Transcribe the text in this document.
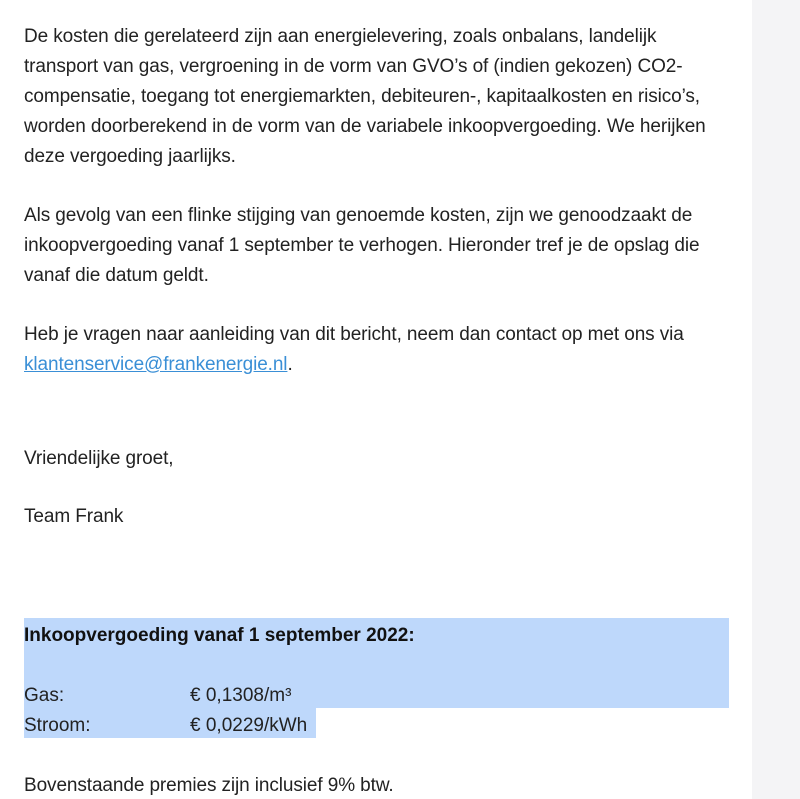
De kosten die gerelateerd zijn aan energielevering, zoals onbalans, landelijk transport van gas, vergroening in de vorm van GVO’s of (indien gekozen) CO2-compensatie, toegang tot energiemarkten, debiteuren-, kapitaalkosten en risico’s, worden doorberekend in de vorm van de variabele inkoopvergoeding. We herijken deze vergoeding jaarlijks.

Als gevolg van een flinke stijging van genoemde kosten, zijn we genoodzaakt de inkoopvergoeding vanaf 1 september te verhogen. Hieronder tref je de opslag die vanaf die datum geldt.

Heb je vragen naar aanleiding van dit bericht, neem dan contact op met ons via klantenservice@frankenergie.nl.

Vriendelijke groet,

Team Frank

Inkoopvergoeding vanaf 1 september 2022:

Gas:	€ 0,1308/m³

Stroom:	€ 0,0229/kWh

Bovenstaande premies zijn inclusief 9% btw.
